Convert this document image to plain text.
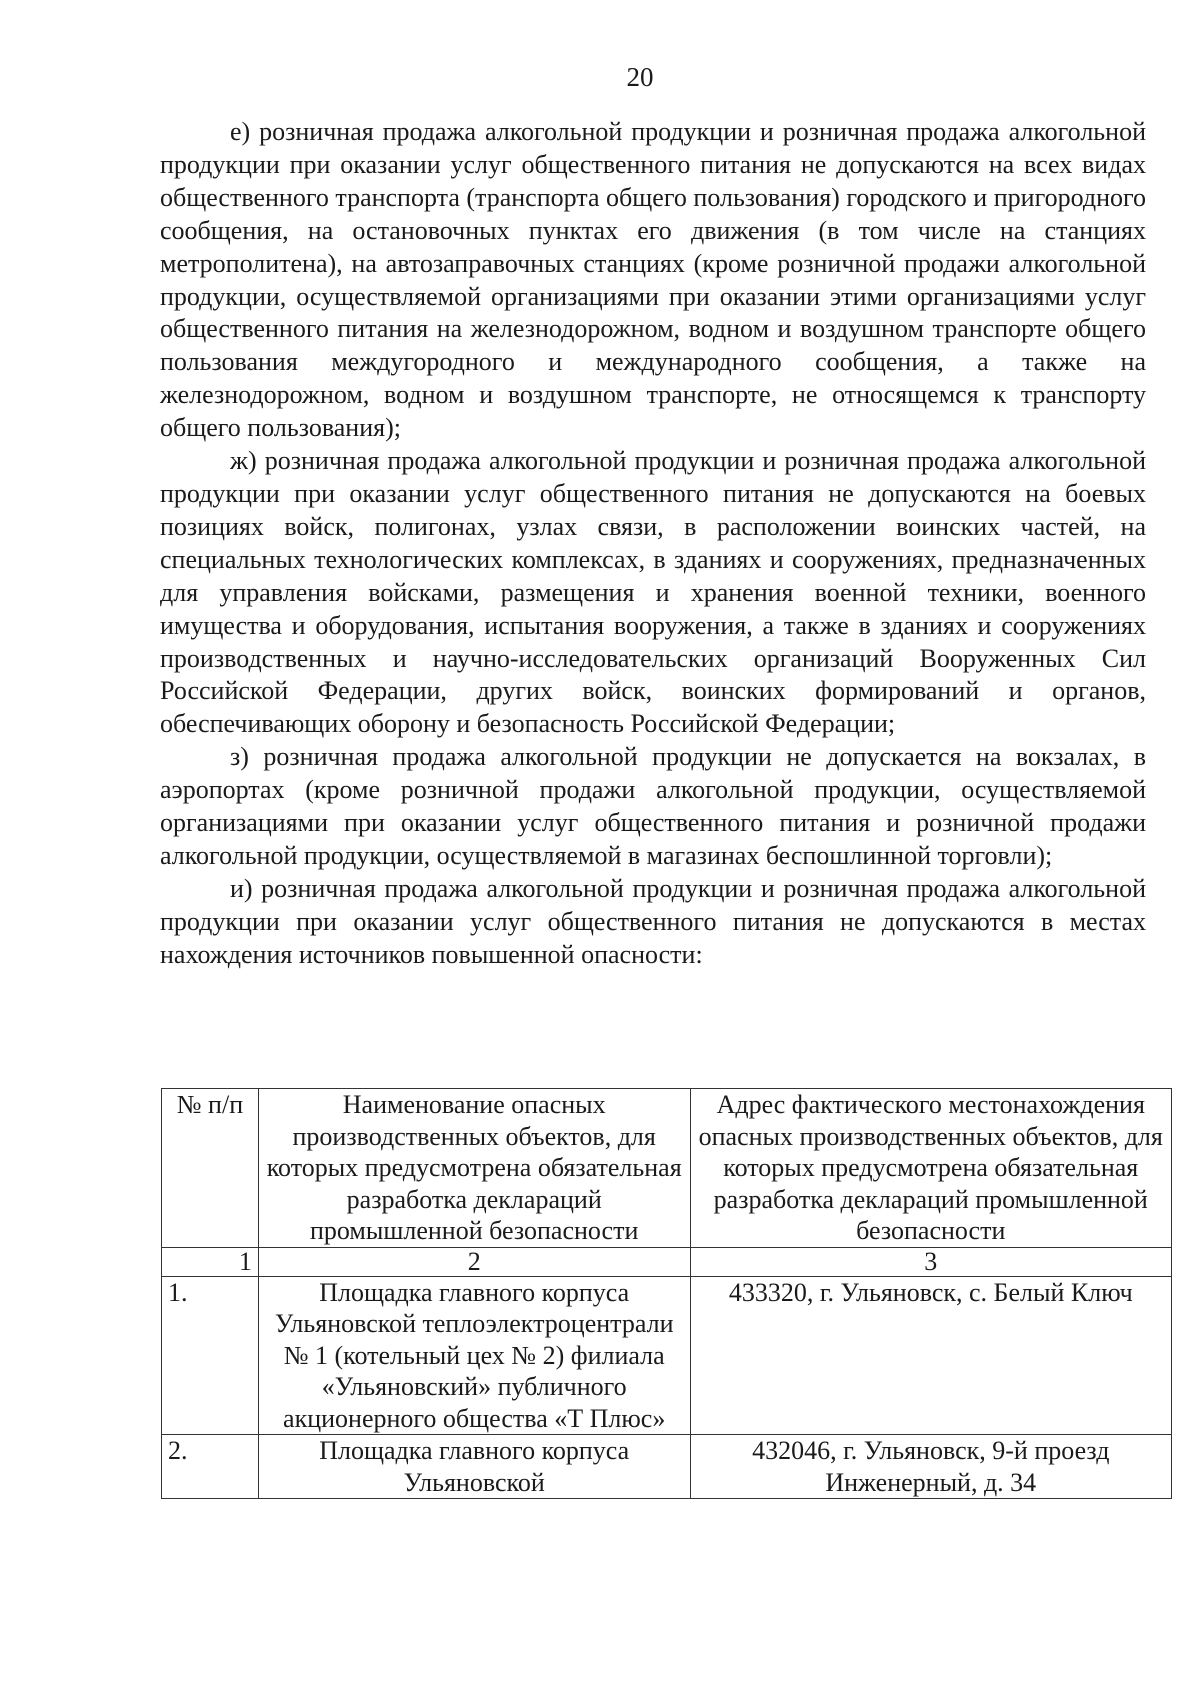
20

е) розничная продажа алкогольной продукции и розничная продажа алкогольной продукции при оказании услуг общественного питания не допускаются на всех видах общественного транспорта (транспорта общего пользования) городского и пригородного сообщения, на остановочных пунктах его движения (в том числе на станциях метрополитена), на автозаправочных станциях (кроме розничной продажи алкогольной продукции, осуществляемой организациями при оказании этими организациями услуг общественного питания на железнодорожном, водном и воздушном транспорте общего пользования междугородного и международного сообщения, а также на железнодорожном, водном и воздушном транспорте, не относящемся к транспорту общего пользования);

ж) розничная продажа алкогольной продукции и розничная продажа алкогольной продукции при оказании услуг общественного питания не допускаются на боевых позициях войск, полигонах, узлах связи, в расположении воинских частей, на специальных технологических комплексах, в зданиях и сооружениях, предназначенных для управления войсками, размещения и хранения военной техники, военного имущества и оборудования, испытания вооружения, а также в зданиях и сооружениях производственных и научно-исследовательских организаций Вооруженных Сил Российской Федерации, других войск, воинских формирований и органов, обеспечивающих оборону и безопасность Российской Федерации;

з) розничная продажа алкогольной продукции не допускается на вокзалах, в аэропортах (кроме розничной продажи алкогольной продукции, осуществляемой организациями при оказании услуг общественного питания и розничной продажи алкогольной продукции, осуществляемой в магазинах беспошлинной торговли);

и) розничная продажа алкогольной продукции и розничная продажа алкогольной продукции при оказании услуг общественного питания не допускаются в местах нахождения источников повышенной опасности:

№ п/п	Наименование опасных производственных объектов, для которых предусмотрена обязательная разработка деклараций промышленной безопасности	Адрес фактического местонахождения опасных производственных объектов, для которых предусмотрена обязательная разработка деклараций промышленной безопасности
1	2	3
1.	Площадка главного корпуса Ульяновской теплоэлектроцентрали № 1 (котельный цех № 2) филиала «Ульяновский» публичного акционерного общества «Т Плюс»	433320, г. Ульяновск, с. Белый Ключ
2.	Площадка главного корпуса Ульяновской	432046, г. Ульяновск, 9-й проезд Инженерный, д. 34
